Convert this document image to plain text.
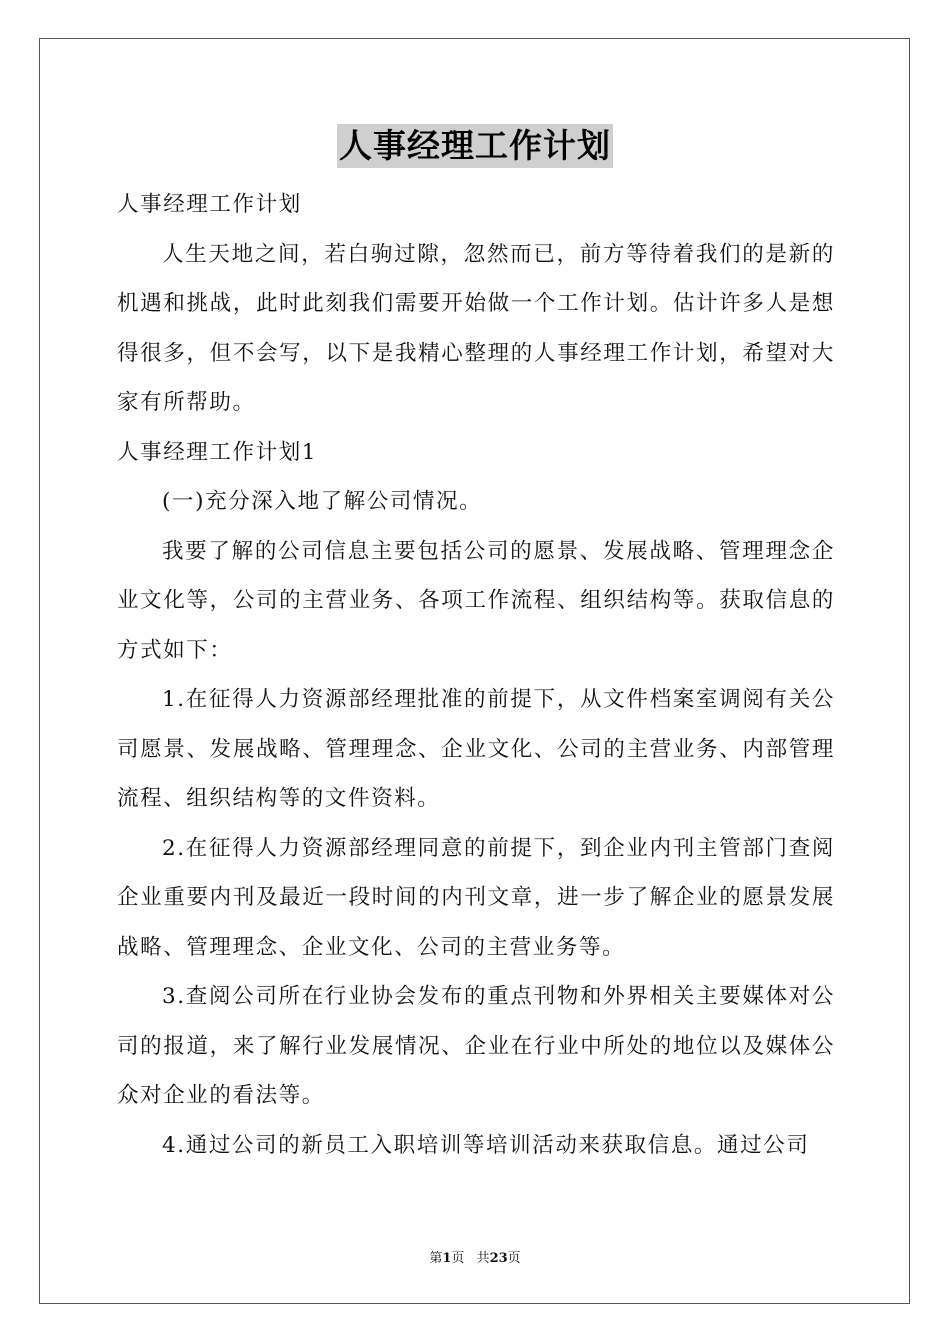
人事经理工作计划

人事经理工作计划

人生天地之间，若白驹过隙，忽然而已，前方等待着我们的是新的机遇和挑战，此时此刻我们需要开始做一个工作计划。估计许多人是想得很多，但不会写，以下是我精心整理的人事经理工作计划，希望对大家有所帮助。

人事经理工作计划1

(一)充分深入地了解公司情况。

我要了解的公司信息主要包括公司的愿景、发展战略、管理理念企业文化等，公司的主营业务、各项工作流程、组织结构等。获取信息的方式如下：

1.在征得人力资源部经理批准的前提下，从文件档案室调阅有关公司愿景、发展战略、管理理念、企业文化、公司的主营业务、内部管理流程、组织结构等的文件资料。

2.在征得人力资源部经理同意的前提下，到企业内刊主管部门查阅企业重要内刊及最近一段时间的内刊文章，进一步了解企业的愿景发展战略、管理理念、企业文化、公司的主营业务等。

3.查阅公司所在行业协会发布的重点刊物和外界相关主要媒体对公司的报道，来了解行业发展情况、企业在行业中所处的地位以及媒体公众对企业的看法等。

4.通过公司的新员工入职培训等培训活动来获取信息。通过公司

第1页 共23页
